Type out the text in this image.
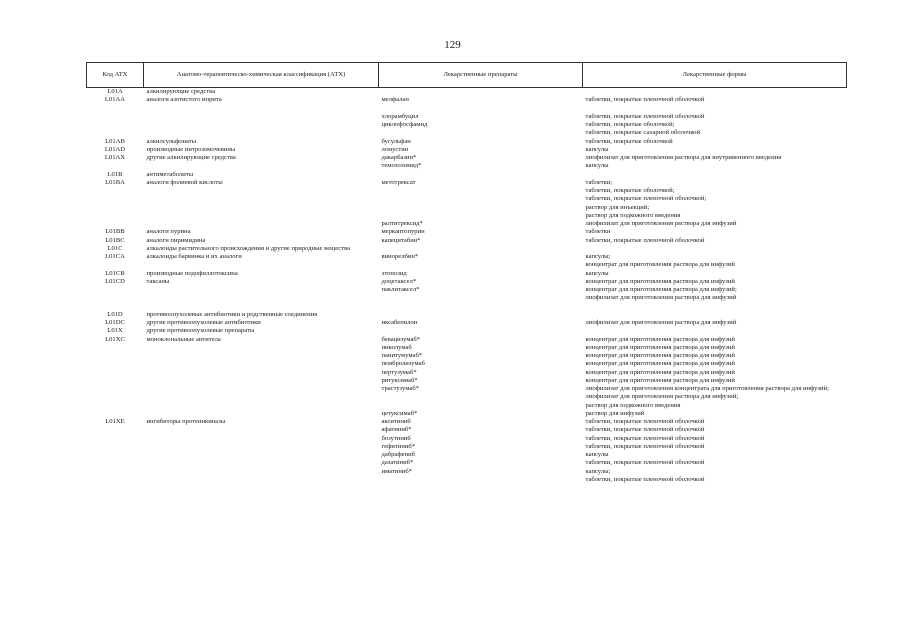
129
Код АТХ	Анатомо-терапевтическо-химическая классификация (АТХ)	Лекарственные препараты	Лекарственные формы
L01A	алкилирующие средства		
L01AA	аналоги азотистого иприта	мелфалан	таблетки, покрытые пленочной оболочкой

		хлорамбуцил	таблетки, покрытые пленочной оболочкой

		циклофосфамид	таблетки, покрытые оболочкой;
таблетки, покрытые сахарной оболочкой

L01AB	алкилсульфонаты	бусульфан	таблетки, покрытые оболочкой

L01AD	производные нитрозомочевины	ломустин	капсулы

L01AX	другие алкилирующие средства	дакарбазин*	лиофилизат для приготовления раствора для внутривенного введения

		темозоломид*	капсулы

L01B	антиметаболиты		
L01BA	аналоги фолиевой кислоты	метотрексат	таблетки;
таблетки, покрытые оболочкой;
таблетки, покрытые пленочной оболочкой;
раствор для инъекций;
раствор для подкожного введения

		ралтитрексид*	лиофилизат для приготовления раствора для инфузий

L01BB	аналоги пурина	меркаптопурин	таблетки

L01BC	аналоги пиримидина	капецитабин*	таблетки, покрытые пленочной оболочкой

L01C	алкалоиды растительного происхождения и другие природные вещества		
L01CA	алкалоиды барвинка и их аналоги	винорелбин*	капсулы;
концентрат для приготовления раствора для инфузий

L01CB	производные подофиллотоксина	этопозид	капсулы

L01CD	таксаны	доцетаксел*	концентрат для приготовления раствора для инфузий

		паклитаксел*	концентрат для приготовления раствора для инфузий;
лиофилизат для приготовления раствора для инфузий

L01D	противоопухолевые антибиотики и родственные соединения		
L01DC	другие противоопухолевые антибиотики	иксабепилон	лиофилизат для приготовления раствора для инфузий

L01X	другие противоопухолевые препараты		
L01XC	моноклональные антитела	бевацизумаб*	концентрат для приготовления раствора для инфузий

		ниволумаб	концентрат для приготовления раствора для инфузий

		панитумумаб*	концентрат для приготовления раствора для инфузий

		пембролизумаб	концентрат для приготовления раствора для инфузий

		пертузумаб*	концентрат для приготовления раствора для инфузий

		ритуксимаб*	концентрат для приготовления раствора для инфузий

		трастузумаб*	лиофилизат для приготовления концентрата для приготовления раствора для инфузий;
лиофилизат для приготовления раствора для инфузий;
раствор для подкожного введения

		цетуксимаб*	раствор для инфузий

L01XE	ингибиторы протеинкиназы	акситиниб	таблетки, покрытые пленочной оболочкой

		афатиниб*	таблетки, покрытые пленочной оболочкой

		бозутиниб	таблетки, покрытые пленочной оболочкой

		гефитиниб*	таблетки, покрытые пленочной оболочкой

		дабрафениб	капсулы

		дазатиниб*	таблетки, покрытые пленочной оболочкой

		иматиниб*	капсулы;
таблетки, покрытые пленочной оболочкой
